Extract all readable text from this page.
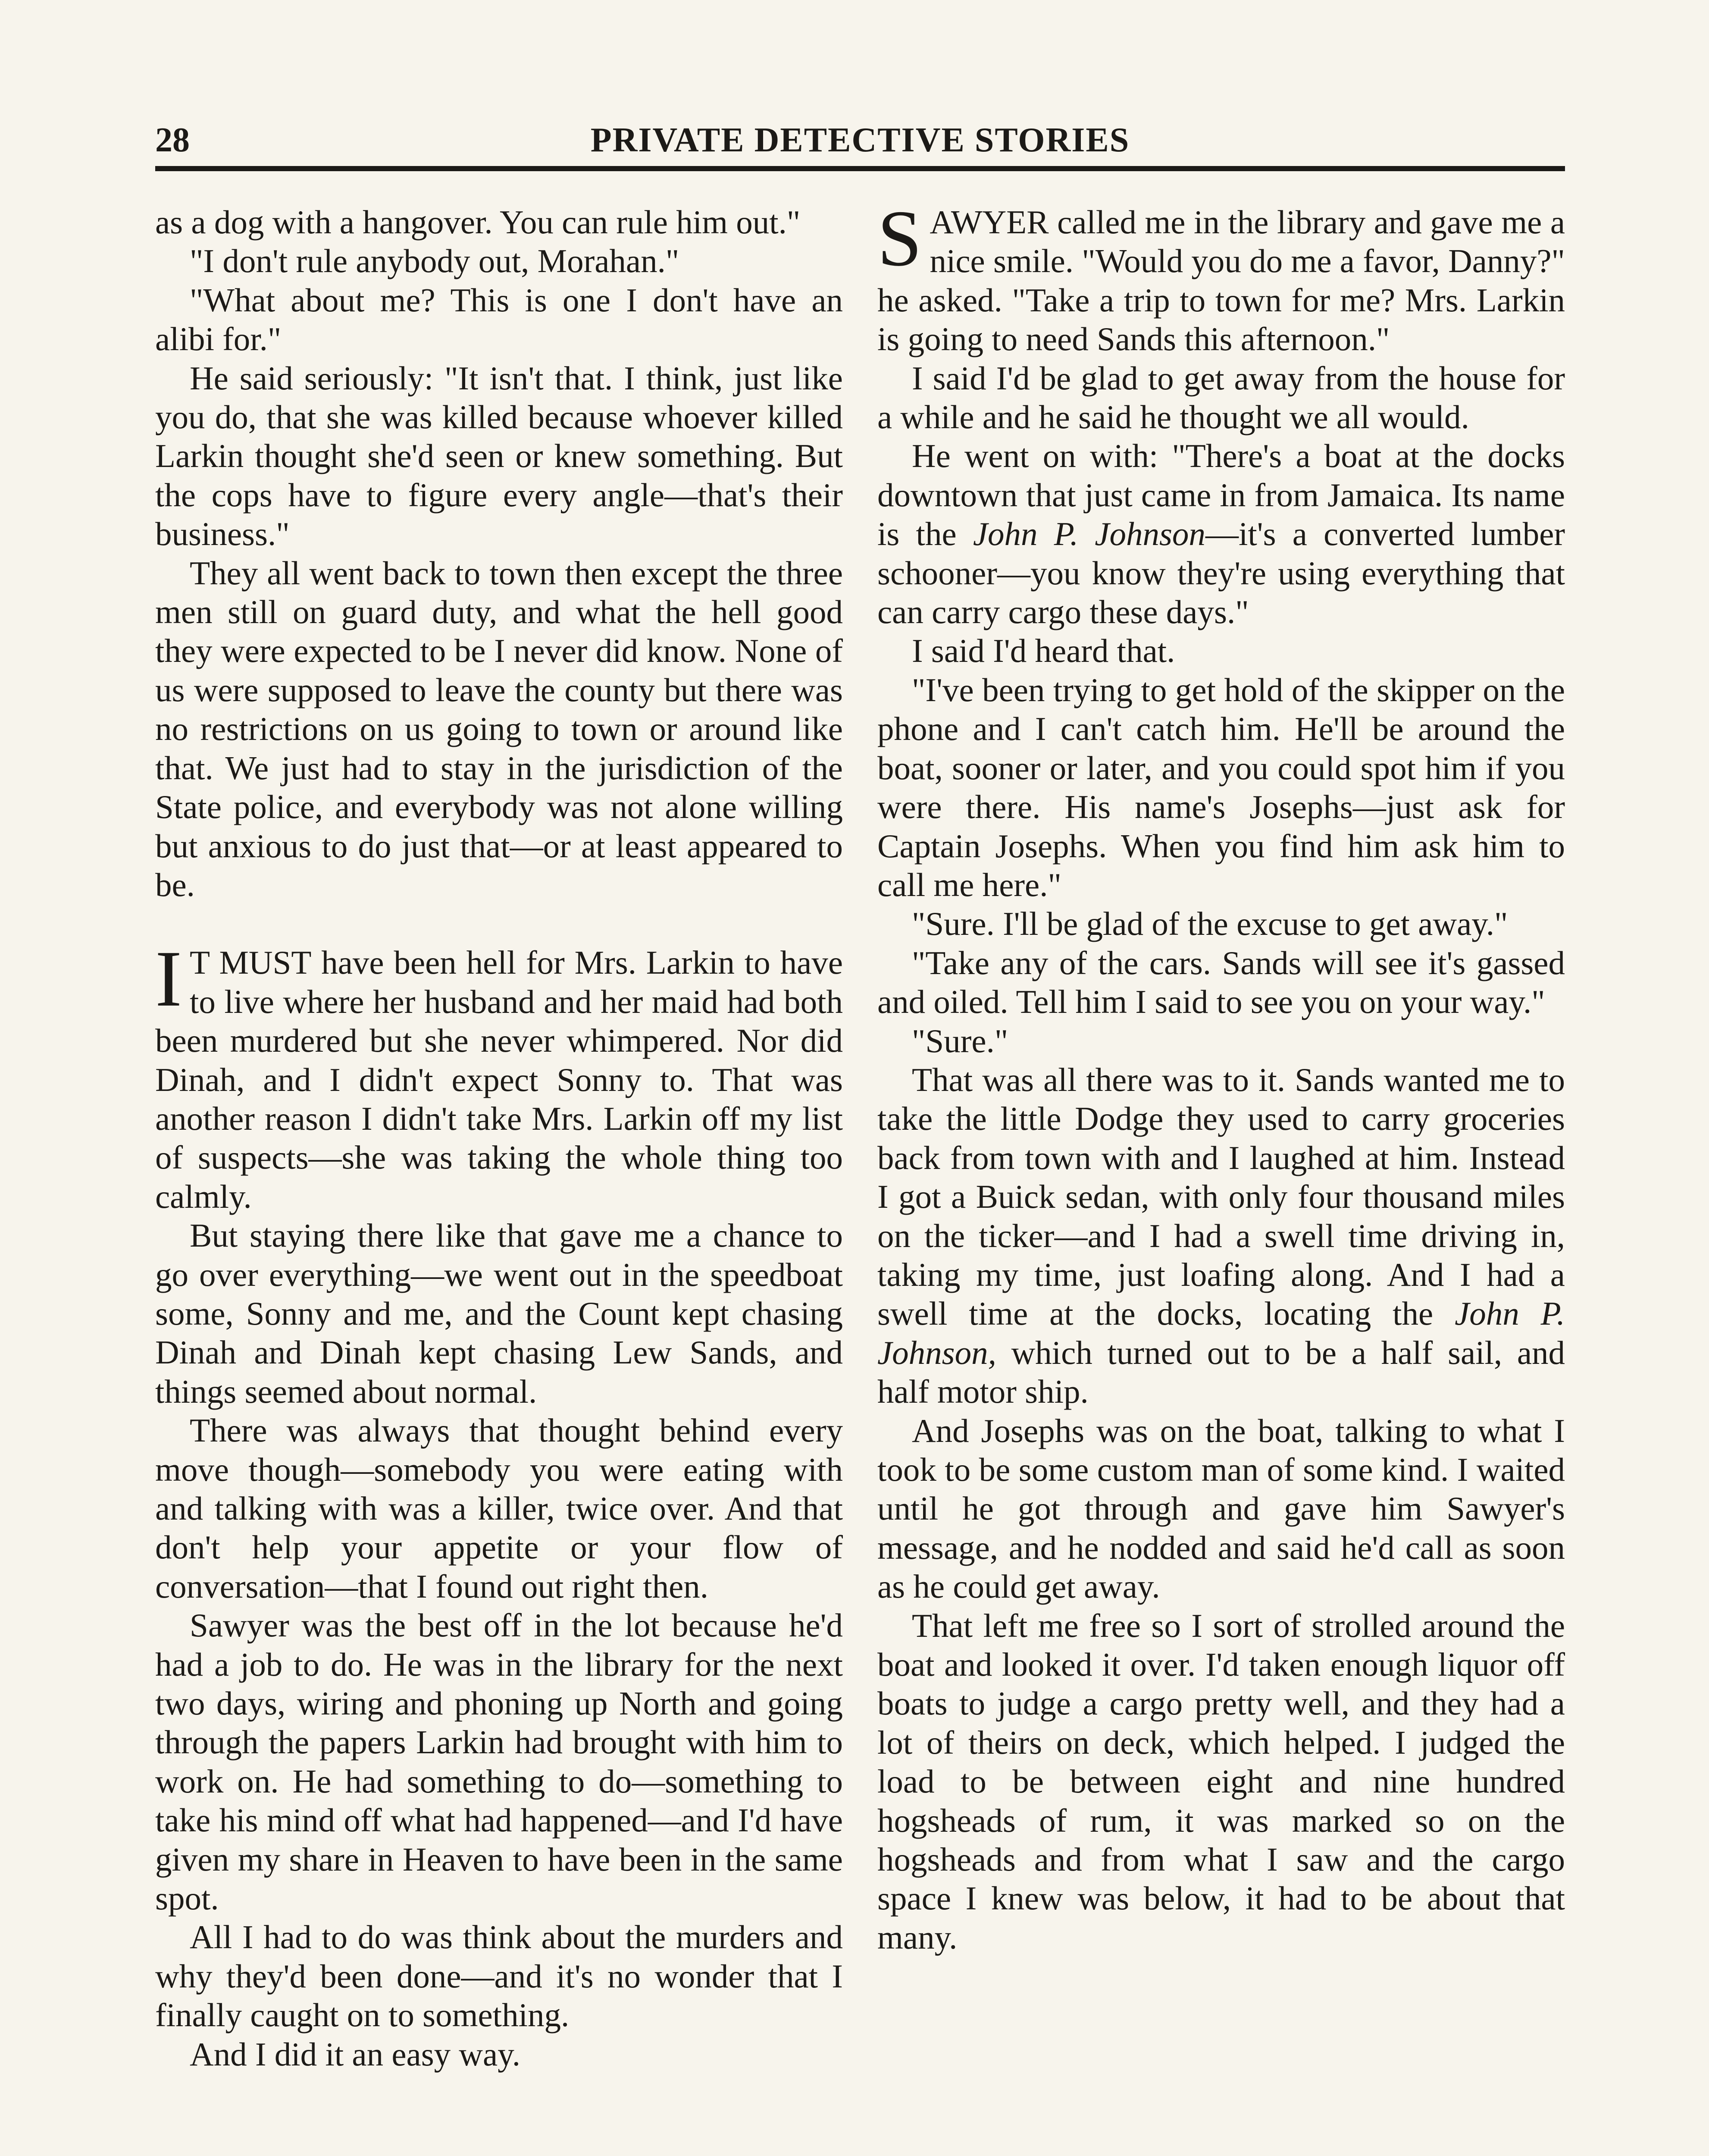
28	PRIVATE DETECTIVE STORIES

as a dog with a hangover. You can rule him out."

"I don't rule anybody out, Morahan."

"What about me? This is one I don't have an alibi for."

He said seriously: "It isn't that. I think, just like you do, that she was killed because whoever killed Larkin thought she'd seen or knew something. But the cops have to figure every angle—that's their business."

They all went back to town then except the three men still on guard duty, and what the hell good they were expected to be I never did know. None of us were supposed to leave the county but there was no restrictions on us going to town or around like that. We just had to stay in the jurisdiction of the State police, and everybody was not alone willing but anxious to do just that—or at least appeared to be.

I T MUST have been hell for Mrs. Larkin to have to live where her husband and her maid had both been murdered but she never whimpered. Nor did Dinah, and I didn't expect Sonny to. That was another reason I didn't take Mrs. Larkin off my list of suspects—she was taking the whole thing too calmly.

But staying there like that gave me a chance to go over everything—we went out in the speedboat some, Sonny and me, and the Count kept chasing Dinah and Dinah kept chasing Lew Sands, and things seemed about normal.

There was always that thought behind every move though—somebody you were eating with and talking with was a killer, twice over. And that don't help your appetite or your flow of conversation—that I found out right then.

Sawyer was the best off in the lot because he'd had a job to do. He was in the library for the next two days, wiring and phoning up North and going through the papers Larkin had brought with him to work on. He had something to do—something to take his mind off what had happened—and I'd have given my share in Heaven to have been in the same spot.

All I had to do was think about the murders and why they'd been done—and it's no wonder that I finally caught on to something.

And I did it an easy way.

SAWYER called me in the library and gave me a nice smile. "Would you do me a favor, Danny?" he asked. "Take a trip to town for me? Mrs. Larkin is going to need Sands this afternoon."

I said I'd be glad to get away from the house for a while and he said he thought we all would.

He went on with: "There's a boat at the docks downtown that just came in from Jamaica. Its name is the John P. Johnson—it's a converted lumber schooner—you know they're using everything that can carry cargo these days."

I said I'd heard that.

"I've been trying to get hold of the skipper on the phone and I can't catch him. He'll be around the boat, sooner or later, and you could spot him if you were there. His name's Josephs—just ask for Captain Josephs. When you find him ask him to call me here."

"Sure. I'll be glad of the excuse to get away."

"Take any of the cars. Sands will see it's gassed and oiled. Tell him I said to see you on your way."

"Sure."

That was all there was to it. Sands wanted me to take the little Dodge they used to carry groceries back from town with and I laughed at him. Instead I got a Buick sedan, with only four thousand miles on the ticker—and I had a swell time driving in, taking my time, just loafing along. And I had a swell time at the docks, locating the John P. Johnson, which turned out to be a half sail, and half motor ship.

And Josephs was on the boat, talking to what I took to be some custom man of some kind. I waited until he got through and gave him Sawyer's message, and he nodded and said he'd call as soon as he could get away.

That left me free so I sort of strolled around the boat and looked it over. I'd taken enough liquor off boats to judge a cargo pretty well, and they had a lot of theirs on deck, which helped. I judged the load to be between eight and nine hundred hogsheads of rum, it was marked so on the hogsheads and from what I saw and the cargo space I knew was below, it had to be about that many.
